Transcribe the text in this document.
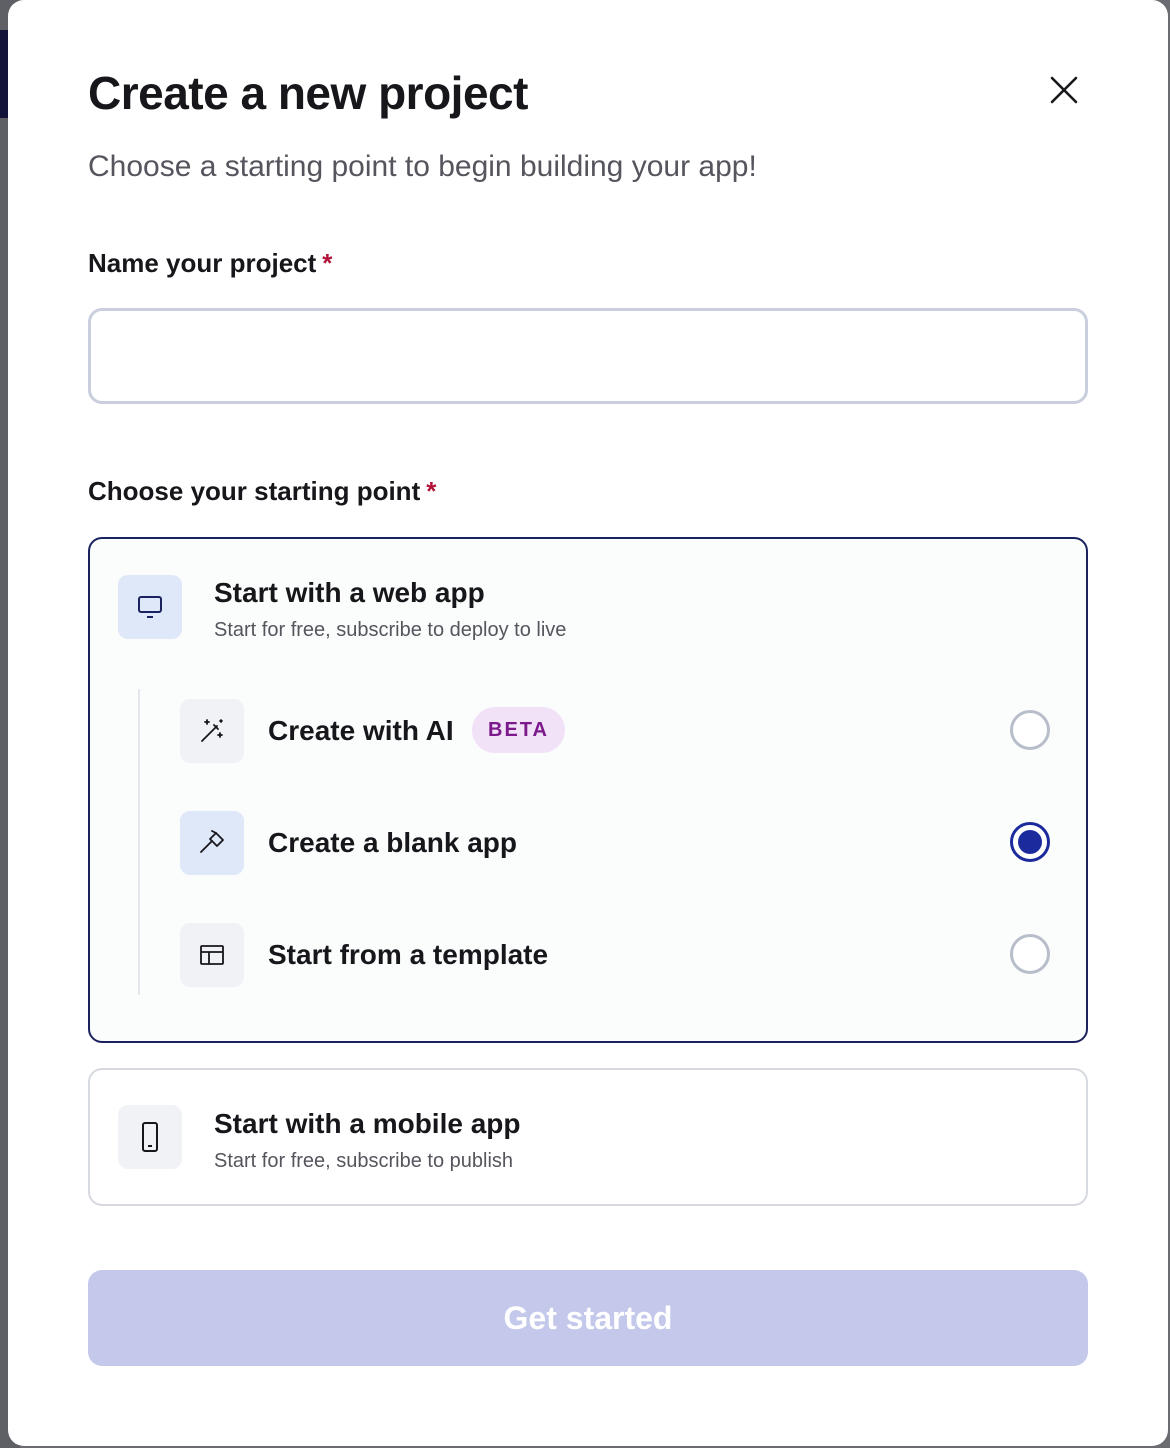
Create a new project

Choose a starting point to begin building your app!

Name your project *
Choose your starting point *
Start with a web app
Start for free, subscribe to deploy to live
Create with AI	BETA
Create a blank app
Start from a template
Start with a mobile app
Start for free, subscribe to publish
Get started
